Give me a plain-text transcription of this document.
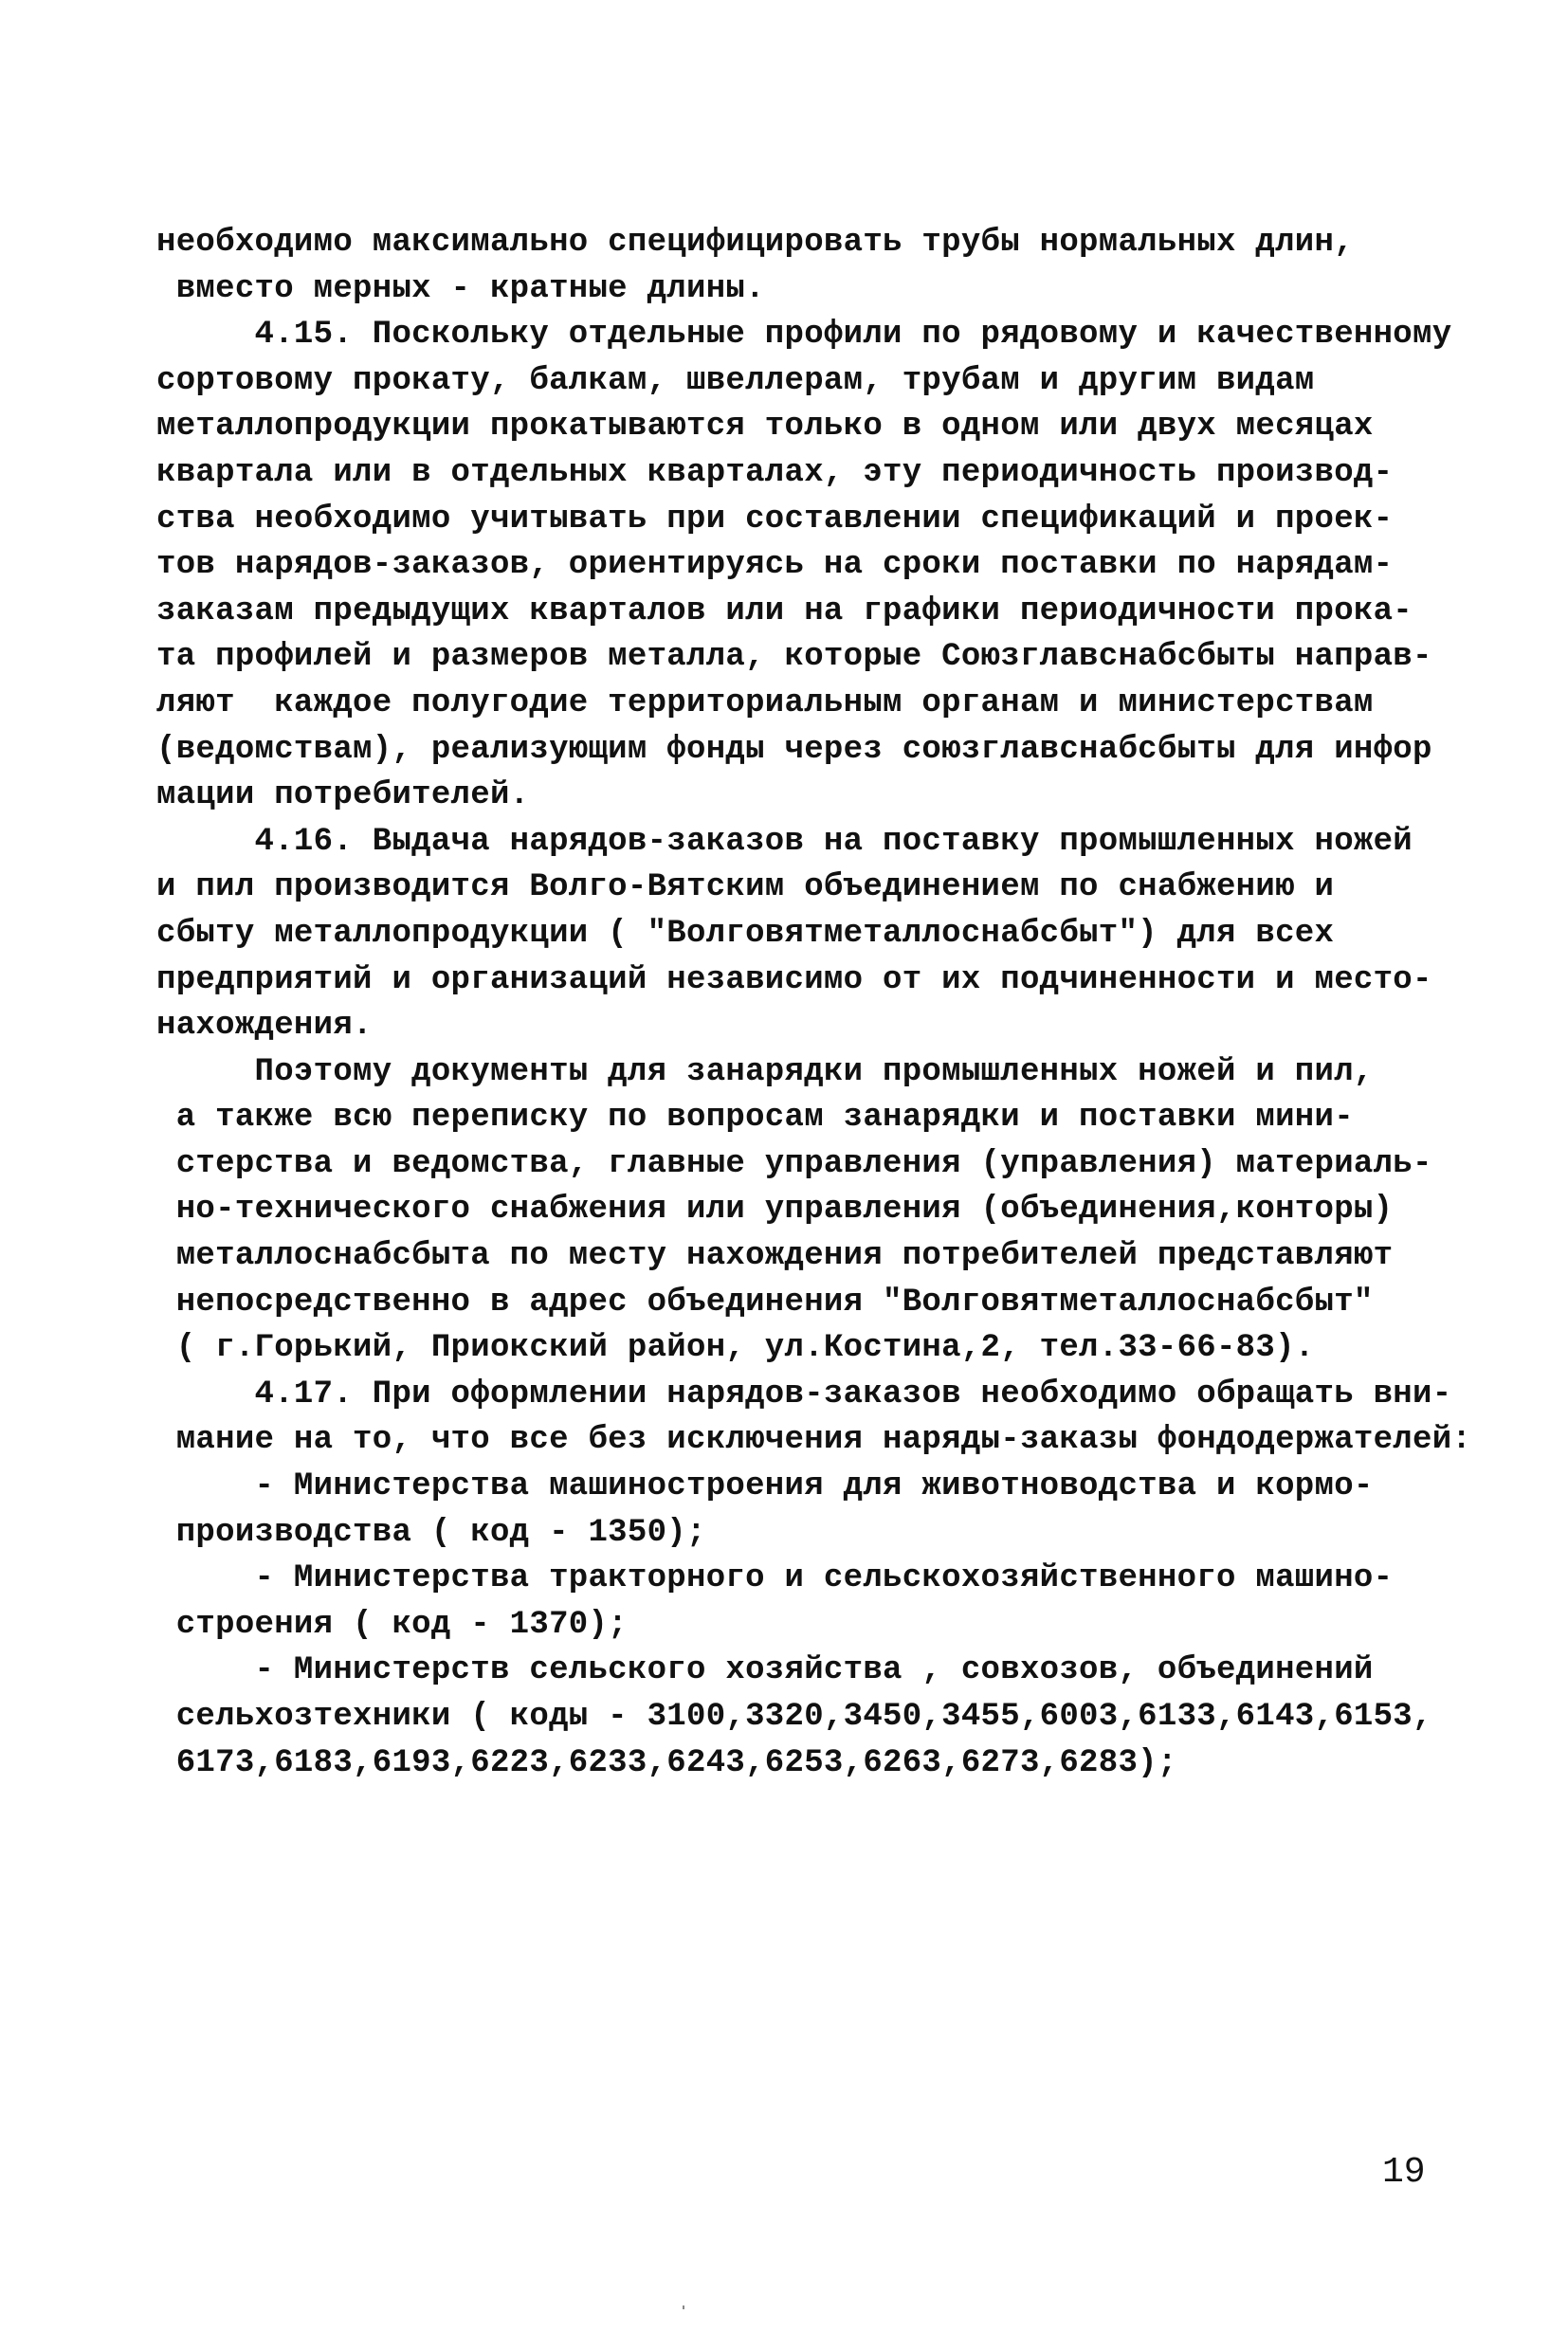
необходимо максимально специфицировать трубы нормальных длин,
вместо мерных - кратные длины.
4.15. Поскольку отдельные профили по рядовому и качественному
сортовому прокату, балкам, швеллерам, трубам и другим видам
металлопродукции прокатываются только в одном или двух месяцах
квартала или в отдельных кварталах, эту периодичность производ-
ства необходимо учитывать при составлении спецификаций и проек-
тов нарядов-заказов, ориентируясь на сроки поставки по нарядам-
заказам предыдущих кварталов или на графики периодичности прока-
та профилей и размеров металла, которые Союзглавснабсбыты направ-
ляют  каждое полугодие территориальным органам и министерствам
(ведомствам), реализующим фонды через союзглавснабсбыты для инфор
мации потребителей.
4.16. Выдача нарядов-заказов на поставку промышленных ножей
и пил производится Волго-Вятским объединением по снабжению и
сбыту металлопродукции ( "Волговятметаллоснабсбыт") для всех
предприятий и организаций независимо от их подчиненности и место-
нахождения.
Поэтому документы для занарядки промышленных ножей и пил,
а также всю переписку по вопросам занарядки и поставки мини-
стерства и ведомства, главные управления (управления) материаль-
но-технического снабжения или управления (объединения,конторы)
металлоснабсбыта по месту нахождения потребителей представляют
непосредственно в адрес объединения "Волговятметаллоснабсбыт"
( г.Горький, Приокский район, ул.Костина,2, тел.33-66-83).
4.17. При оформлении нарядов-заказов необходимо обращать вни-
мание на то, что все без исключения наряды-заказы фондодержателей:
- Министерства машиностроения для животноводства и кормо-
производства ( код - 1350);
- Министерства тракторного и сельскохозяйственного машино-
строения ( код - 1370);
- Министерств сельского хозяйства , совхозов, объединений
сельхозтехники ( коды - 3100,3320,3450,3455,6003,6133,6143,6153,
6173,6183,6193,6223,6233,6243,6253,6263,6273,6283);
19
